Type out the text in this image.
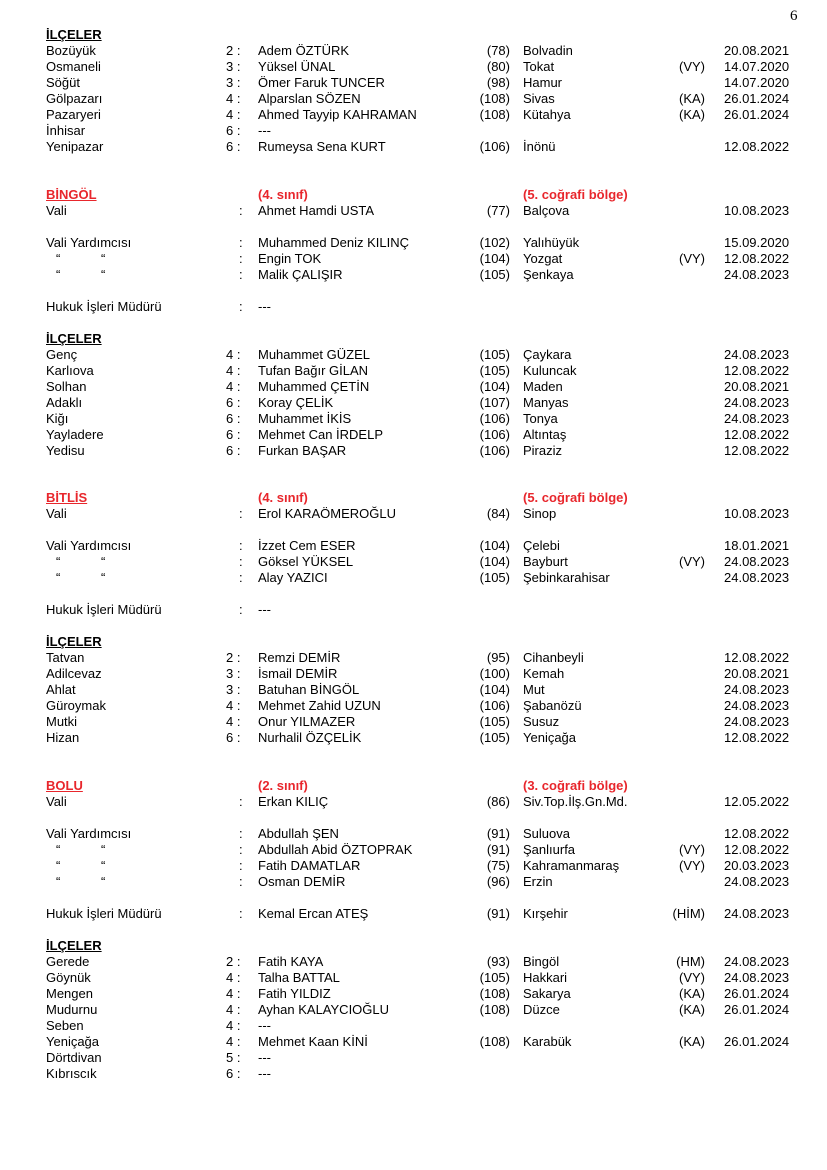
6
İLÇELER
Bozüyük	2 : Adem ÖZTÜRK	(78) Bolvadin	20.08.2021
Osmaneli	3 : Yüksel ÜNAL	(80) Tokat	(VY) 14.07.2020
Söğüt	3 : Ömer Faruk TUNCER	(98) Hamur	14.07.2020
Gölpazarı	4 : Alparslan SÖZEN	(108) Sivas	(KA) 26.01.2024
Pazaryeri	4 : Ahmed Tayyip KAHRAMAN	(108) Kütahya	(KA) 26.01.2024
İnhisar	6 : ---
Yenipazar	6 : Rumeysa Sena KURT	(106) İnönü	12.08.2022
BİNGÖL	(4. sınıf)	(5. coğrafi bölge)
Vali	: Ahmet Hamdi USTA	(77) Balçova	10.08.2023
Vali Yardımcısı	: Muhammed Deniz KILINÇ	(102) Yalıhüyük	15.09.2020
“	“	: Engin TOK	(104) Yozgat	(VY) 12.08.2022
“	“	: Malik ÇALIŞIR	(105) Şenkaya	24.08.2023
Hukuk İşleri Müdürü	: ---
İLÇELER
Genç	4 : Muhammet GÜZEL	(105) Çaykara	24.08.2023
Karlıova	4 : Tufan Bağır GİLAN	(105) Kuluncak	12.08.2022
Solhan	4 : Muhammed ÇETİN	(104) Maden	20.08.2021
Adaklı	6 : Koray ÇELİK	(107) Manyas	24.08.2023
Kiğı	6 : Muhammet İKİS	(106) Tonya	24.08.2023
Yayladere	6 : Mehmet Can İRDELP	(106) Altıntaş	12.08.2022
Yedisu	6 : Furkan BAŞAR	(106) Piraziz	12.08.2022
BİTLİS	(4. sınıf)	(5. coğrafi bölge)
Vali	: Erol KARAÖMEROĞLU	(84) Sinop	10.08.2023
Vali Yardımcısı	: İzzet Cem ESER	(104) Çelebi	18.01.2021
“	“	: Göksel YÜKSEL	(104) Bayburt	(VY) 24.08.2023
“	“	: Alay YAZICI	(105) Şebinkarahisar	24.08.2023
Hukuk İşleri Müdürü	: ---
İLÇELER
Tatvan	2 : Remzi DEMİR	(95) Cihanbeyli	12.08.2022
Adilcevaz	3 : İsmail DEMİR	(100) Kemah	20.08.2021
Ahlat	3 : Batuhan BİNGÖL	(104) Mut	24.08.2023
Güroymak	4 : Mehmet Zahid UZUN	(106) Şabanözü	24.08.2023
Mutki	4 : Onur YILMAZER	(105) Susuz	24.08.2023
Hizan	6 : Nurhalil ÖZÇELİK	(105) Yeniçağa	12.08.2022
BOLU	(2. sınıf)	(3. coğrafi bölge)
Vali	: Erkan KILIÇ	(86) Siv.Top.İlş.Gn.Md.	12.05.2022
Vali Yardımcısı	: Abdullah ŞEN	(91) Suluova	12.08.2022
“	“	: Abdullah Abid ÖZTOPRAK	(91) Şanlıurfa	(VY) 12.08.2022
“	“	: Fatih DAMATLAR	(75) Kahramanmaraş	(VY) 20.03.2023
“	“	: Osman DEMİR	(96) Erzin	24.08.2023
Hukuk İşleri Müdürü	: Kemal Ercan ATEŞ	(91) Kırşehir	(HİM) 24.08.2023
İLÇELER
Gerede	2 : Fatih KAYA	(93) Bingöl	(HM) 24.08.2023
Göynük	4 : Talha BATTAL	(105) Hakkari	(VY) 24.08.2023
Mengen	4 : Fatih YILDIZ	(108) Sakarya	(KA) 26.01.2024
Mudurnu	4 : Ayhan KALAYCIOĞLU	(108) Düzce	(KA) 26.01.2024
Seben	4 : ---
Yeniçağa	4 : Mehmet Kaan KİNİ	(108) Karabük	(KA) 26.01.2024
Dörtdivan	5 : ---
Kıbrıscık	6 : ---
